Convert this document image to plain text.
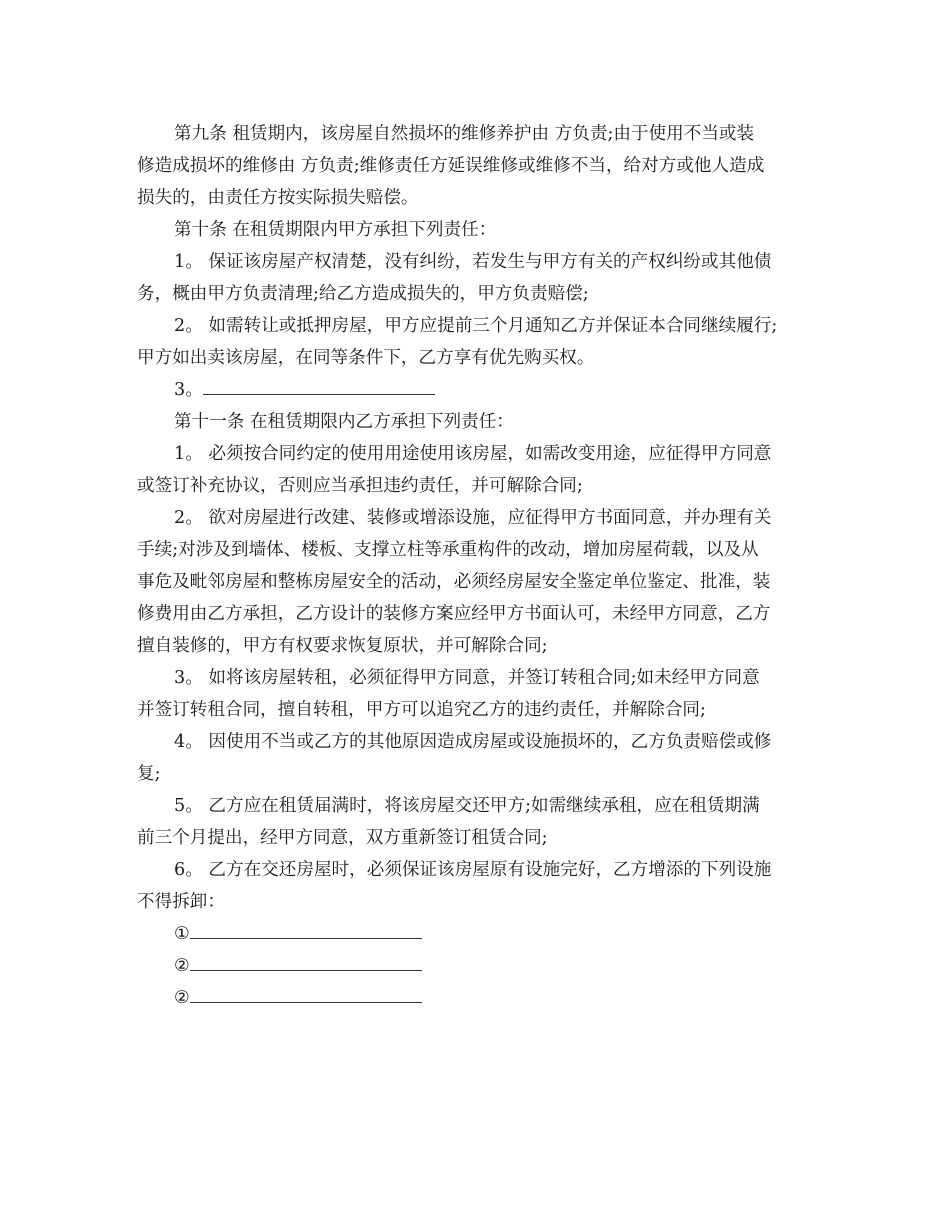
第九条 租赁期内，该房屋自然损坏的维修养护由 方负责;由于使用不当或装
修造成损坏的维修由 方负责;维修责任方延误维修或维修不当，给对方或他人造成
损失的，由责任方按实际损失赔偿。
第十条 在租赁期限内甲方承担下列责任：
1。 保证该房屋产权清楚，没有纠纷，若发生与甲方有关的产权纠纷或其他债
务，概由甲方负责清理;给乙方造成损失的，甲方负责赔偿;
2。 如需转让或抵押房屋，甲方应提前三个月通知乙方并保证本合同继续履行;
甲方如出卖该房屋，在同等条件下，乙方享有优先购买权。
3。
第十一条 在租赁期限内乙方承担下列责任：
1。 必须按合同约定的使用用途使用该房屋，如需改变用途，应征得甲方同意
或签订补充协议，否则应当承担违约责任，并可解除合同;
2。 欲对房屋进行改建、装修或增添设施，应征得甲方书面同意，并办理有关
手续;对涉及到墙体、楼板、支撑立柱等承重构件的改动，增加房屋荷载，以及从
事危及毗邻房屋和整栋房屋安全的活动，必须经房屋安全鉴定单位鉴定、批准，装
修费用由乙方承担，乙方设计的装修方案应经甲方书面认可，未经甲方同意，乙方
擅自装修的，甲方有权要求恢复原状，并可解除合同;
3。 如将该房屋转租，必须征得甲方同意，并签订转租合同;如未经甲方同意
并签订转租合同，擅自转租，甲方可以追究乙方的违约责任，并解除合同;
4。 因使用不当或乙方的其他原因造成房屋或设施损坏的，乙方负责赔偿或修
复;
5。 乙方应在租赁届满时，将该房屋交还甲方;如需继续承租，应在租赁期满
前三个月提出，经甲方同意，双方重新签订租赁合同;
6。 乙方在交还房屋时，必须保证该房屋原有设施完好，乙方增添的下列设施
不得拆卸：
①
②
②
